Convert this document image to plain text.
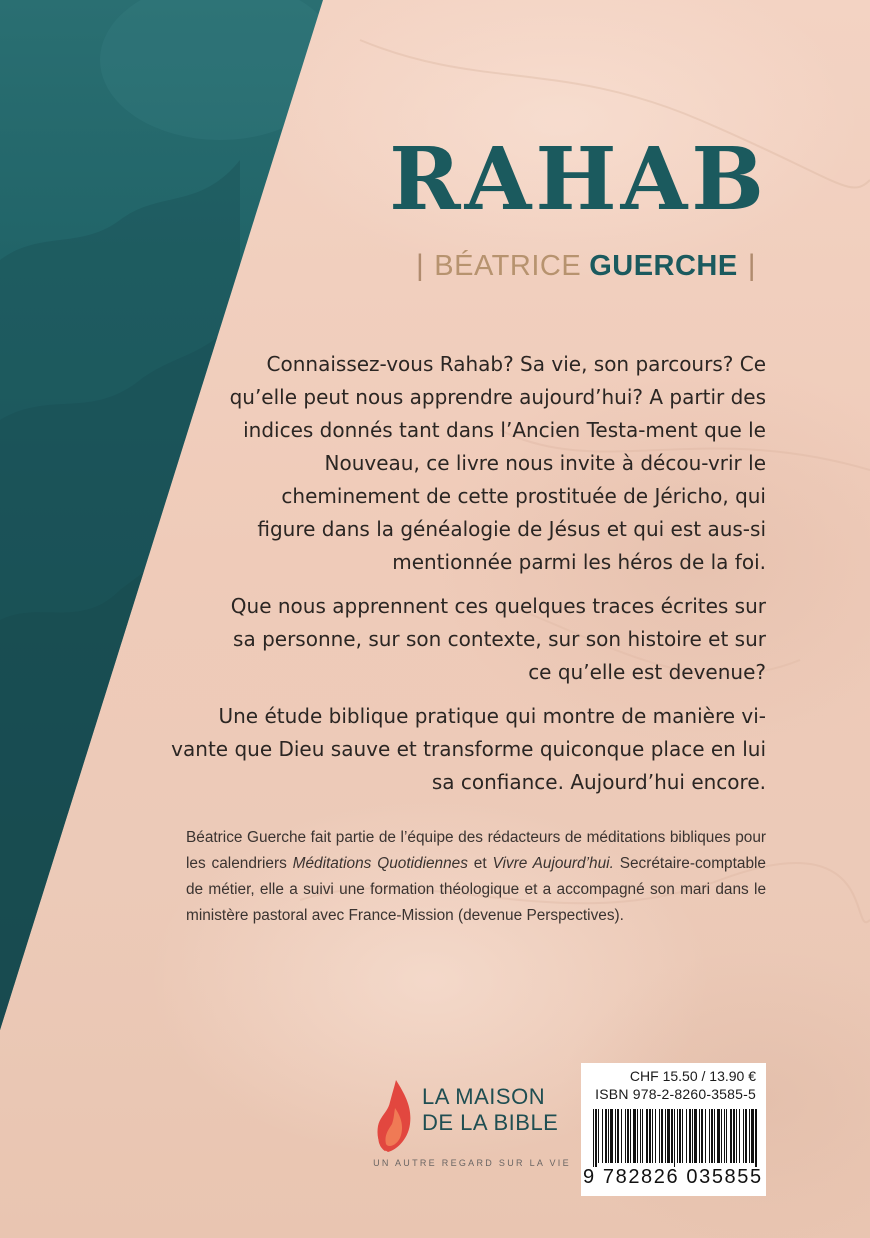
RAHAB
| BÉATRICE GUERCHE |

Connaissez-vous Rahab? Sa vie, son parcours? Ce qu’elle peut nous apprendre aujourd’hui? A partir des indices donnés tant dans l’Ancien Testa-ment que le Nouveau, ce livre nous invite à décou-vrir le cheminement de cette prostituée de Jéricho, qui figure dans la généalogie de Jésus et qui est aus-si mentionnée parmi les héros de la foi.

Que nous apprennent ces quelques traces écrites sur sa personne, sur son contexte, sur son histoire et sur ce qu’elle est devenue?

Une étude biblique pratique qui montre de manière vi-vante que Dieu sauve et transforme quiconque place en lui sa confiance. Aujourd’hui encore.

Béatrice Guerche fait partie de l’équipe des rédacteurs de méditations bibliques pour les calendriers Méditations Quotidiennes et Vivre Aujourd’hui. Secrétaire-comptable de métier, elle a suivi une formation théologique et a accompagné son mari dans le ministère pastoral avec France-Mission (devenue Perspectives).

LA MAISON
DE LA BIBLE

UN AUTRE REGARD SUR LA VIE

CHF 15.50 / 13.90 €

ISBN 978-2-8260-3585-5

9 782826 035855
